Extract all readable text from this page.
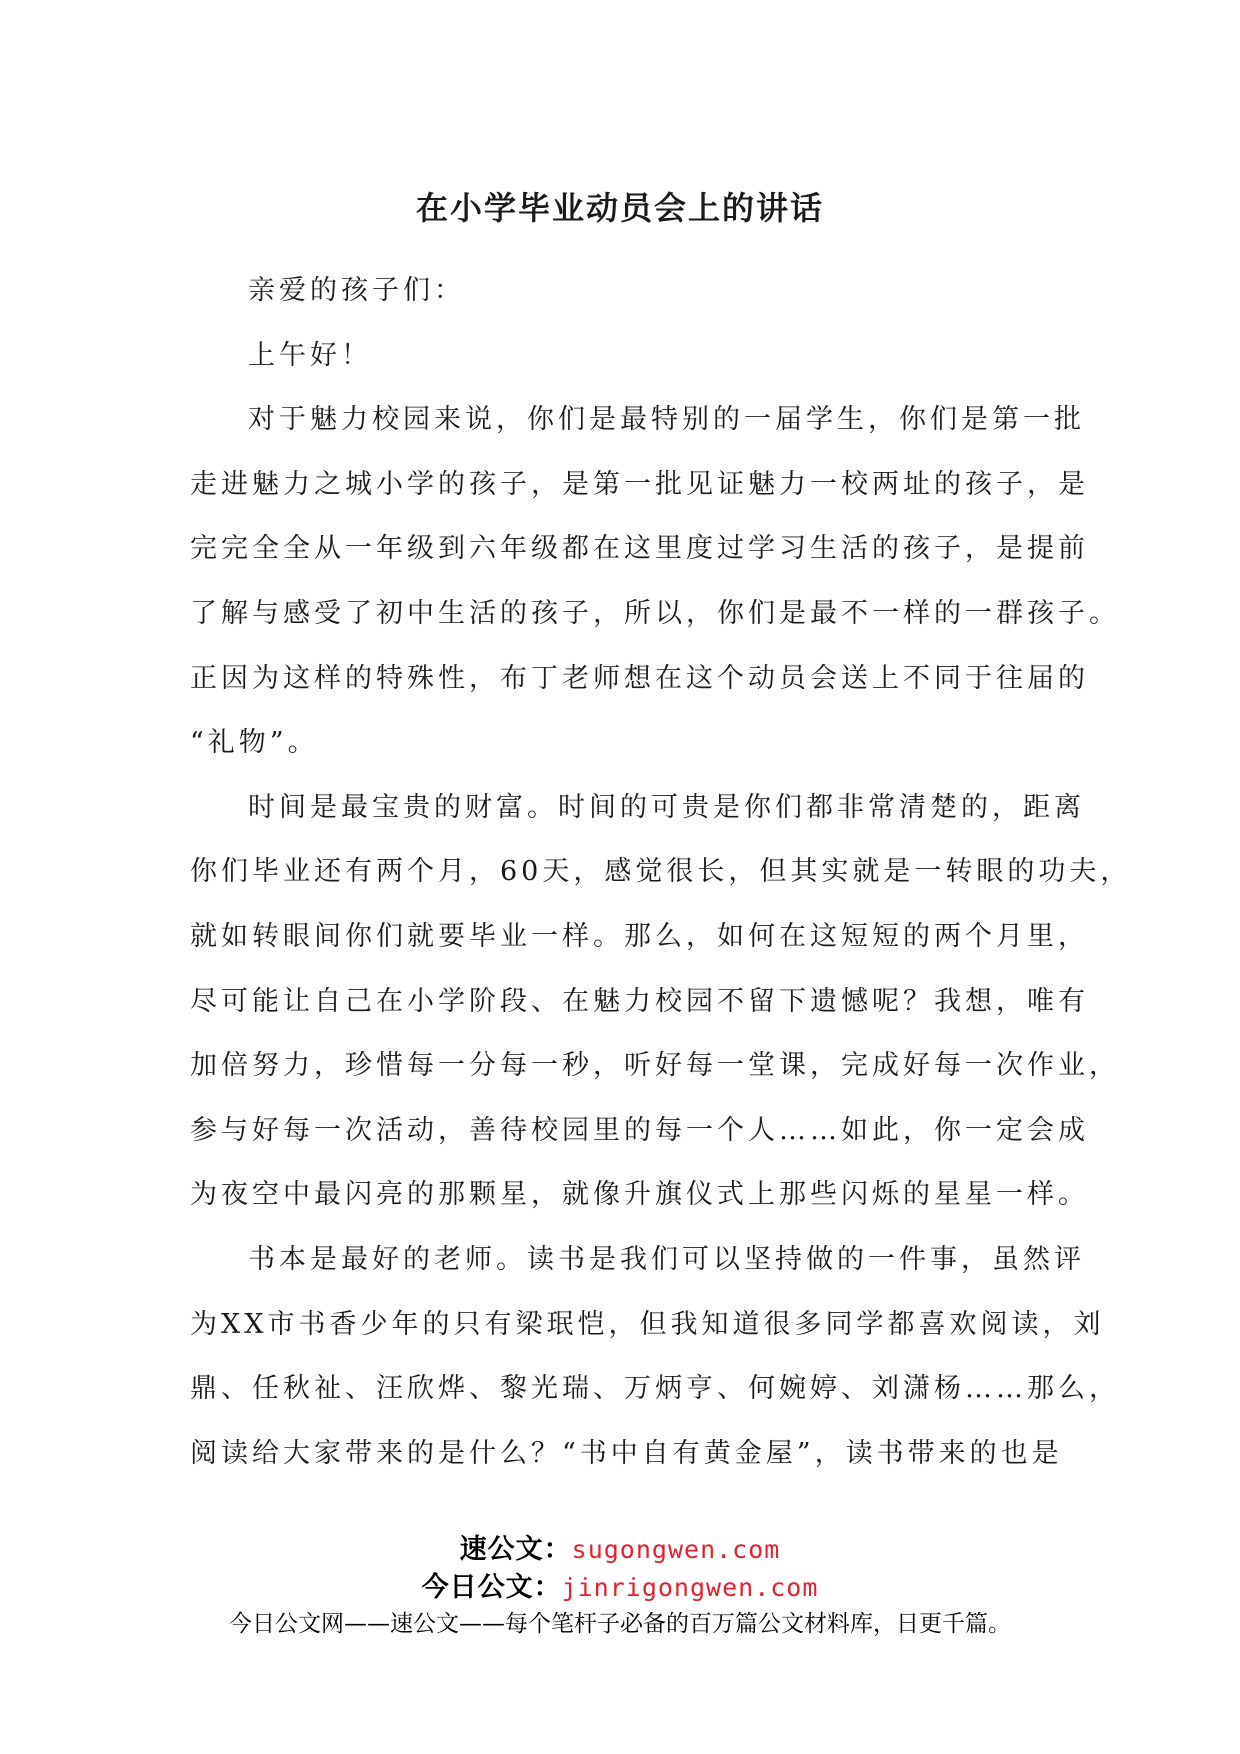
在小学毕业动员会上的讲话
亲爱的孩子们：
上午好！
对于魅力校园来说，你们是最特别的一届学生，你们是第一批
走进魅力之城小学的孩子，是第一批见证魅力一校两址的孩子，是
完完全全从一年级到六年级都在这里度过学习生活的孩子，是提前
了解与感受了初中生活的孩子，所以，你们是最不一样的一群孩子。
正因为这样的特殊性，布丁老师想在这个动员会送上不同于往届的
“礼物”。
时间是最宝贵的财富。时间的可贵是你们都非常清楚的，距离
你们毕业还有两个月，60天，感觉很长，但其实就是一转眼的功夫，
就如转眼间你们就要毕业一样。那么，如何在这短短的两个月里，
尽可能让自己在小学阶段、在魅力校园不留下遗憾呢？我想，唯有
加倍努力，珍惜每一分每一秒，听好每一堂课，完成好每一次作业，
参与好每一次活动，善待校园里的每一个人……如此，你一定会成
为夜空中最闪亮的那颗星，就像升旗仪式上那些闪烁的星星一样。
书本是最好的老师。读书是我们可以坚持做的一件事，虽然评
为XX市书香少年的只有梁珉恺，但我知道很多同学都喜欢阅读，刘
鼎、任秋祉、汪欣烨、黎光瑞、万炳亨、何婉婷、刘潇杨……那么，
阅读给大家带来的是什么？“书中自有黄金屋”，读书带来的也是
速公文：sugongwen.com
今日公文：jinrigongwen.com
今日公文网——速公文——每个笔杆子必备的百万篇公文材料库，日更千篇。
